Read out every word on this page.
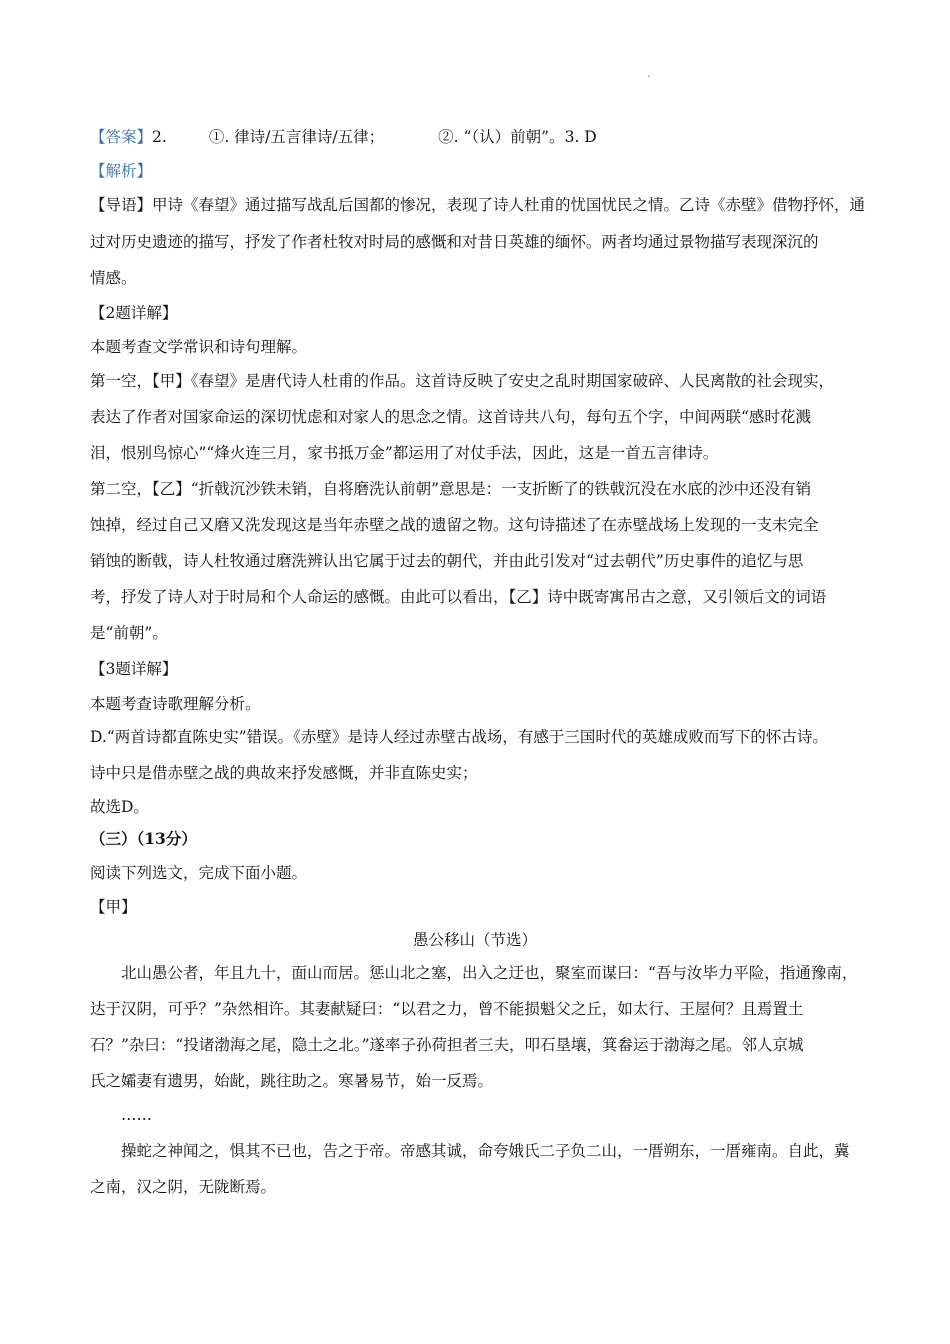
·
【答案】2.	①. 律诗/五言律诗/五律；	②. “（认）前朝”。3. D
【解析】
【导语】甲诗《春望》通过描写战乱后国都的惨况，表现了诗人杜甫的忧国忧民之情。乙诗《赤壁》借物抒怀，通
过对历史遗迹的描写，抒发了作者杜牧对时局的感慨和对昔日英雄的缅怀。两者均通过景物描写表现深沉的
情感。
【2题详解】
本题考查文学常识和诗句理解。
第一空，【甲】《春望》是唐代诗人杜甫的作品。这首诗反映了安史之乱时期国家破碎、人民离散的社会现实，
表达了作者对国家命运的深切忧虑和对家人的思念之情。这首诗共八句，每句五个字，中间两联“感时花溅
泪，恨别鸟惊心”“烽火连三月，家书抵万金”都运用了对仗手法，因此，这是一首五言律诗。
第二空，【乙】“折戟沉沙铁未销，自将磨洗认前朝”意思是：一支折断了的铁戟沉没在水底的沙中还没有销
蚀掉，经过自己又磨又洗发现这是当年赤壁之战的遗留之物。这句诗描述了在赤壁战场上发现的一支未完全
销蚀的断戟，诗人杜牧通过磨洗辨认出它属于过去的朝代，并由此引发对“过去朝代”历史事件的追忆与思
考，抒发了诗人对于时局和个人命运的感慨。由此可以看出，【乙】诗中既寄寓吊古之意，又引领后文的词语
是“前朝”。
【3题详解】
本题考查诗歌理解分析。
D.“两首诗都直陈史实”错误。《赤壁》是诗人经过赤壁古战场，有感于三国时代的英雄成败而写下的怀古诗。
诗中只是借赤壁之战的典故来抒发感慨，并非直陈史实；
故选D。
（三）（13分）
阅读下列选文，完成下面小题。
【甲】
愚公移山（节选）
北山愚公者，年且九十，面山而居。惩山北之塞，出入之迂也，聚室而谋曰：“吾与汝毕力平险，指通豫南，
达于汉阴，可乎？”杂然相许。其妻献疑曰：“以君之力，曾不能损魁父之丘，如太行、王屋何？且焉置土
石？”杂曰：“投诸渤海之尾，隐土之北。”遂率子孙荷担者三夫，叩石垦壤，箕畚运于渤海之尾。邻人京城
氏之孀妻有遗男，始龀，跳往助之。寒暑易节，始一反焉。
……
操蛇之神闻之，惧其不已也，告之于帝。帝感其诚，命夸娥氏二子负二山，一厝朔东，一厝雍南。自此，冀
之南，汉之阴，无陇断焉。
